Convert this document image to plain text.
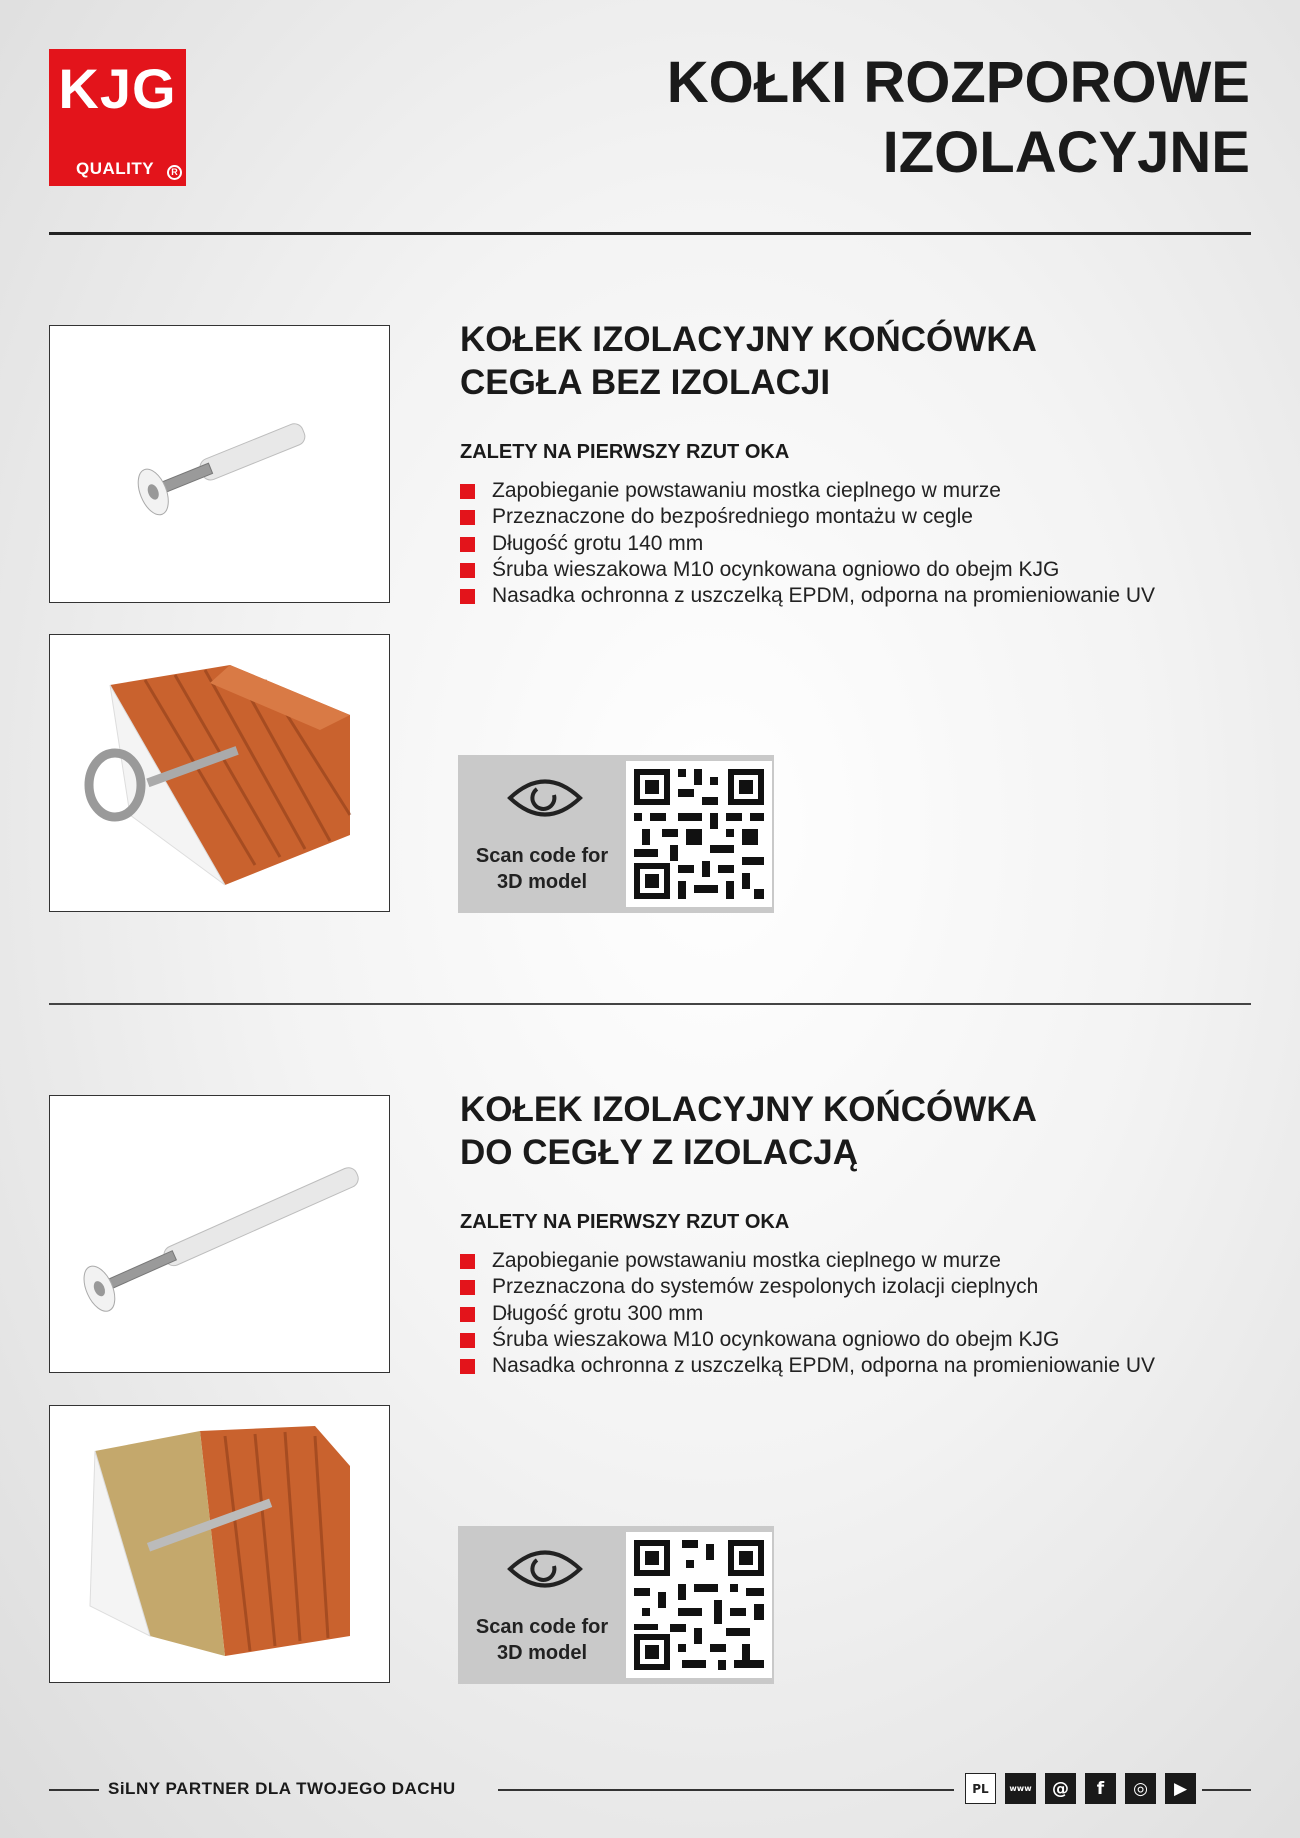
KJG
QUALITY	R
KOŁKI ROZPOROWE
IZOLACYJNE
KOŁEK IZOLACYJNY KOŃCÓWKA
CEGŁA BEZ IZOLACJI
ZALETY NA PIERWSZY RZUT OKA
Zapobieganie powstawaniu mostka cieplnego w murze
Przeznaczone do bezpośredniego montażu w cegle
Długość grotu 140 mm
Śruba wieszakowa M10 ocynkowana ogniowo do obejm KJG
Nasadka ochronna z uszczelką EPDM, odporna na promieniowanie UV
Scan code for
3D model
KOŁEK IZOLACYJNY KOŃCÓWKA
DO CEGŁY Z IZOLACJĄ
ZALETY NA PIERWSZY RZUT OKA
Zapobieganie powstawaniu mostka cieplnego w murze
Przeznaczona do systemów zespolonych izolacji cieplnych
Długość grotu 300 mm
Śruba wieszakowa M10 ocynkowana ogniowo do obejm KJG
Nasadka ochronna z uszczelką EPDM, odporna na promieniowanie UV
Scan code for
3D model
SiLNY PARTNER DLA TWOJEGO DACHU	PL	www	@	f	◎	▶
